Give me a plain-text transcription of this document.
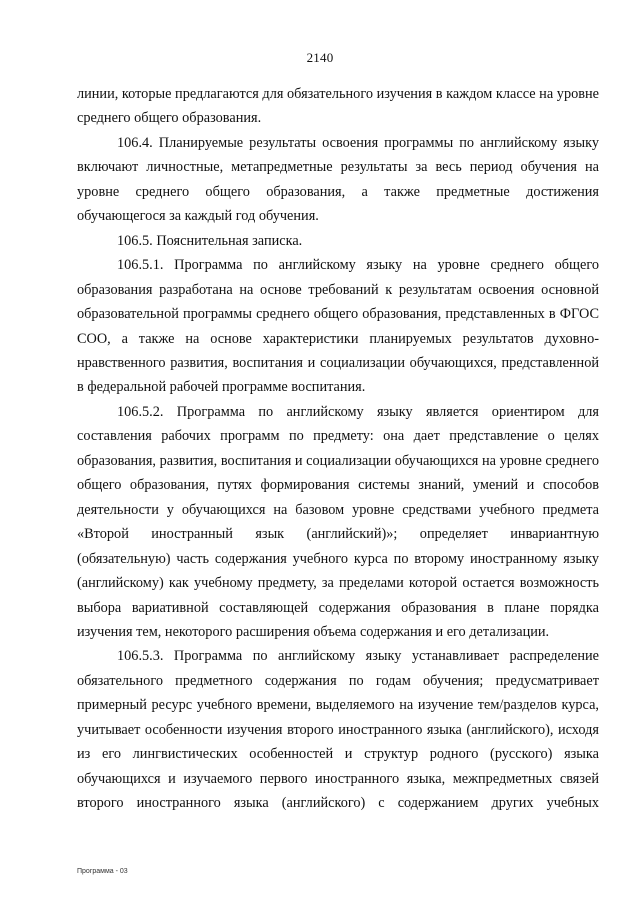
2140

линии, которые предлагаются для обязательного изучения в каждом классе на уровне среднего общего образования.

106.4. Планируемые результаты освоения программы по английскому языку включают личностные, метапредметные результаты за весь период обучения на уровне среднего общего образования, а также предметные достижения обучающегося за каждый год обучения.

106.5. Пояснительная записка.

106.5.1. Программа по английскому языку на уровне среднего общего образования разработана на основе требований к результатам освоения основной образовательной программы среднего общего образования, представленных в ФГОС СОО, а также на основе характеристики планируемых результатов духовно-нравственного развития, воспитания и социализации обучающихся, представленной в федеральной рабочей программе воспитания.

106.5.2. Программа по английскому языку является ориентиром для составления рабочих программ по предмету: она дает представление о целях образования, развития, воспитания и социализации обучающихся на уровне среднего общего образования, путях формирования системы знаний, умений и способов деятельности у обучающихся на базовом уровне средствами учебного предмета «Второй иностранный язык (английский)»; определяет инвариантную (обязательную) часть содержания учебного курса по второму иностранному языку (английскому) как учебному предмету, за пределами которой остается возможность выбора вариативной составляющей содержания образования в плане порядка изучения тем, некоторого расширения объема содержания и его детализации.

106.5.3. Программа по английскому языку устанавливает распределение обязательного предметного содержания по годам обучения; предусматривает примерный ресурс учебного времени, выделяемого на изучение тем/разделов курса, учитывает особенности изучения второго иностранного языка (английского), исходя из его лингвистических особенностей и структур родного (русского) языка обучающихся и изучаемого первого иностранного языка, межпредметных связей второго иностранного языка (английского) с содержанием других учебных

Программа - 03
